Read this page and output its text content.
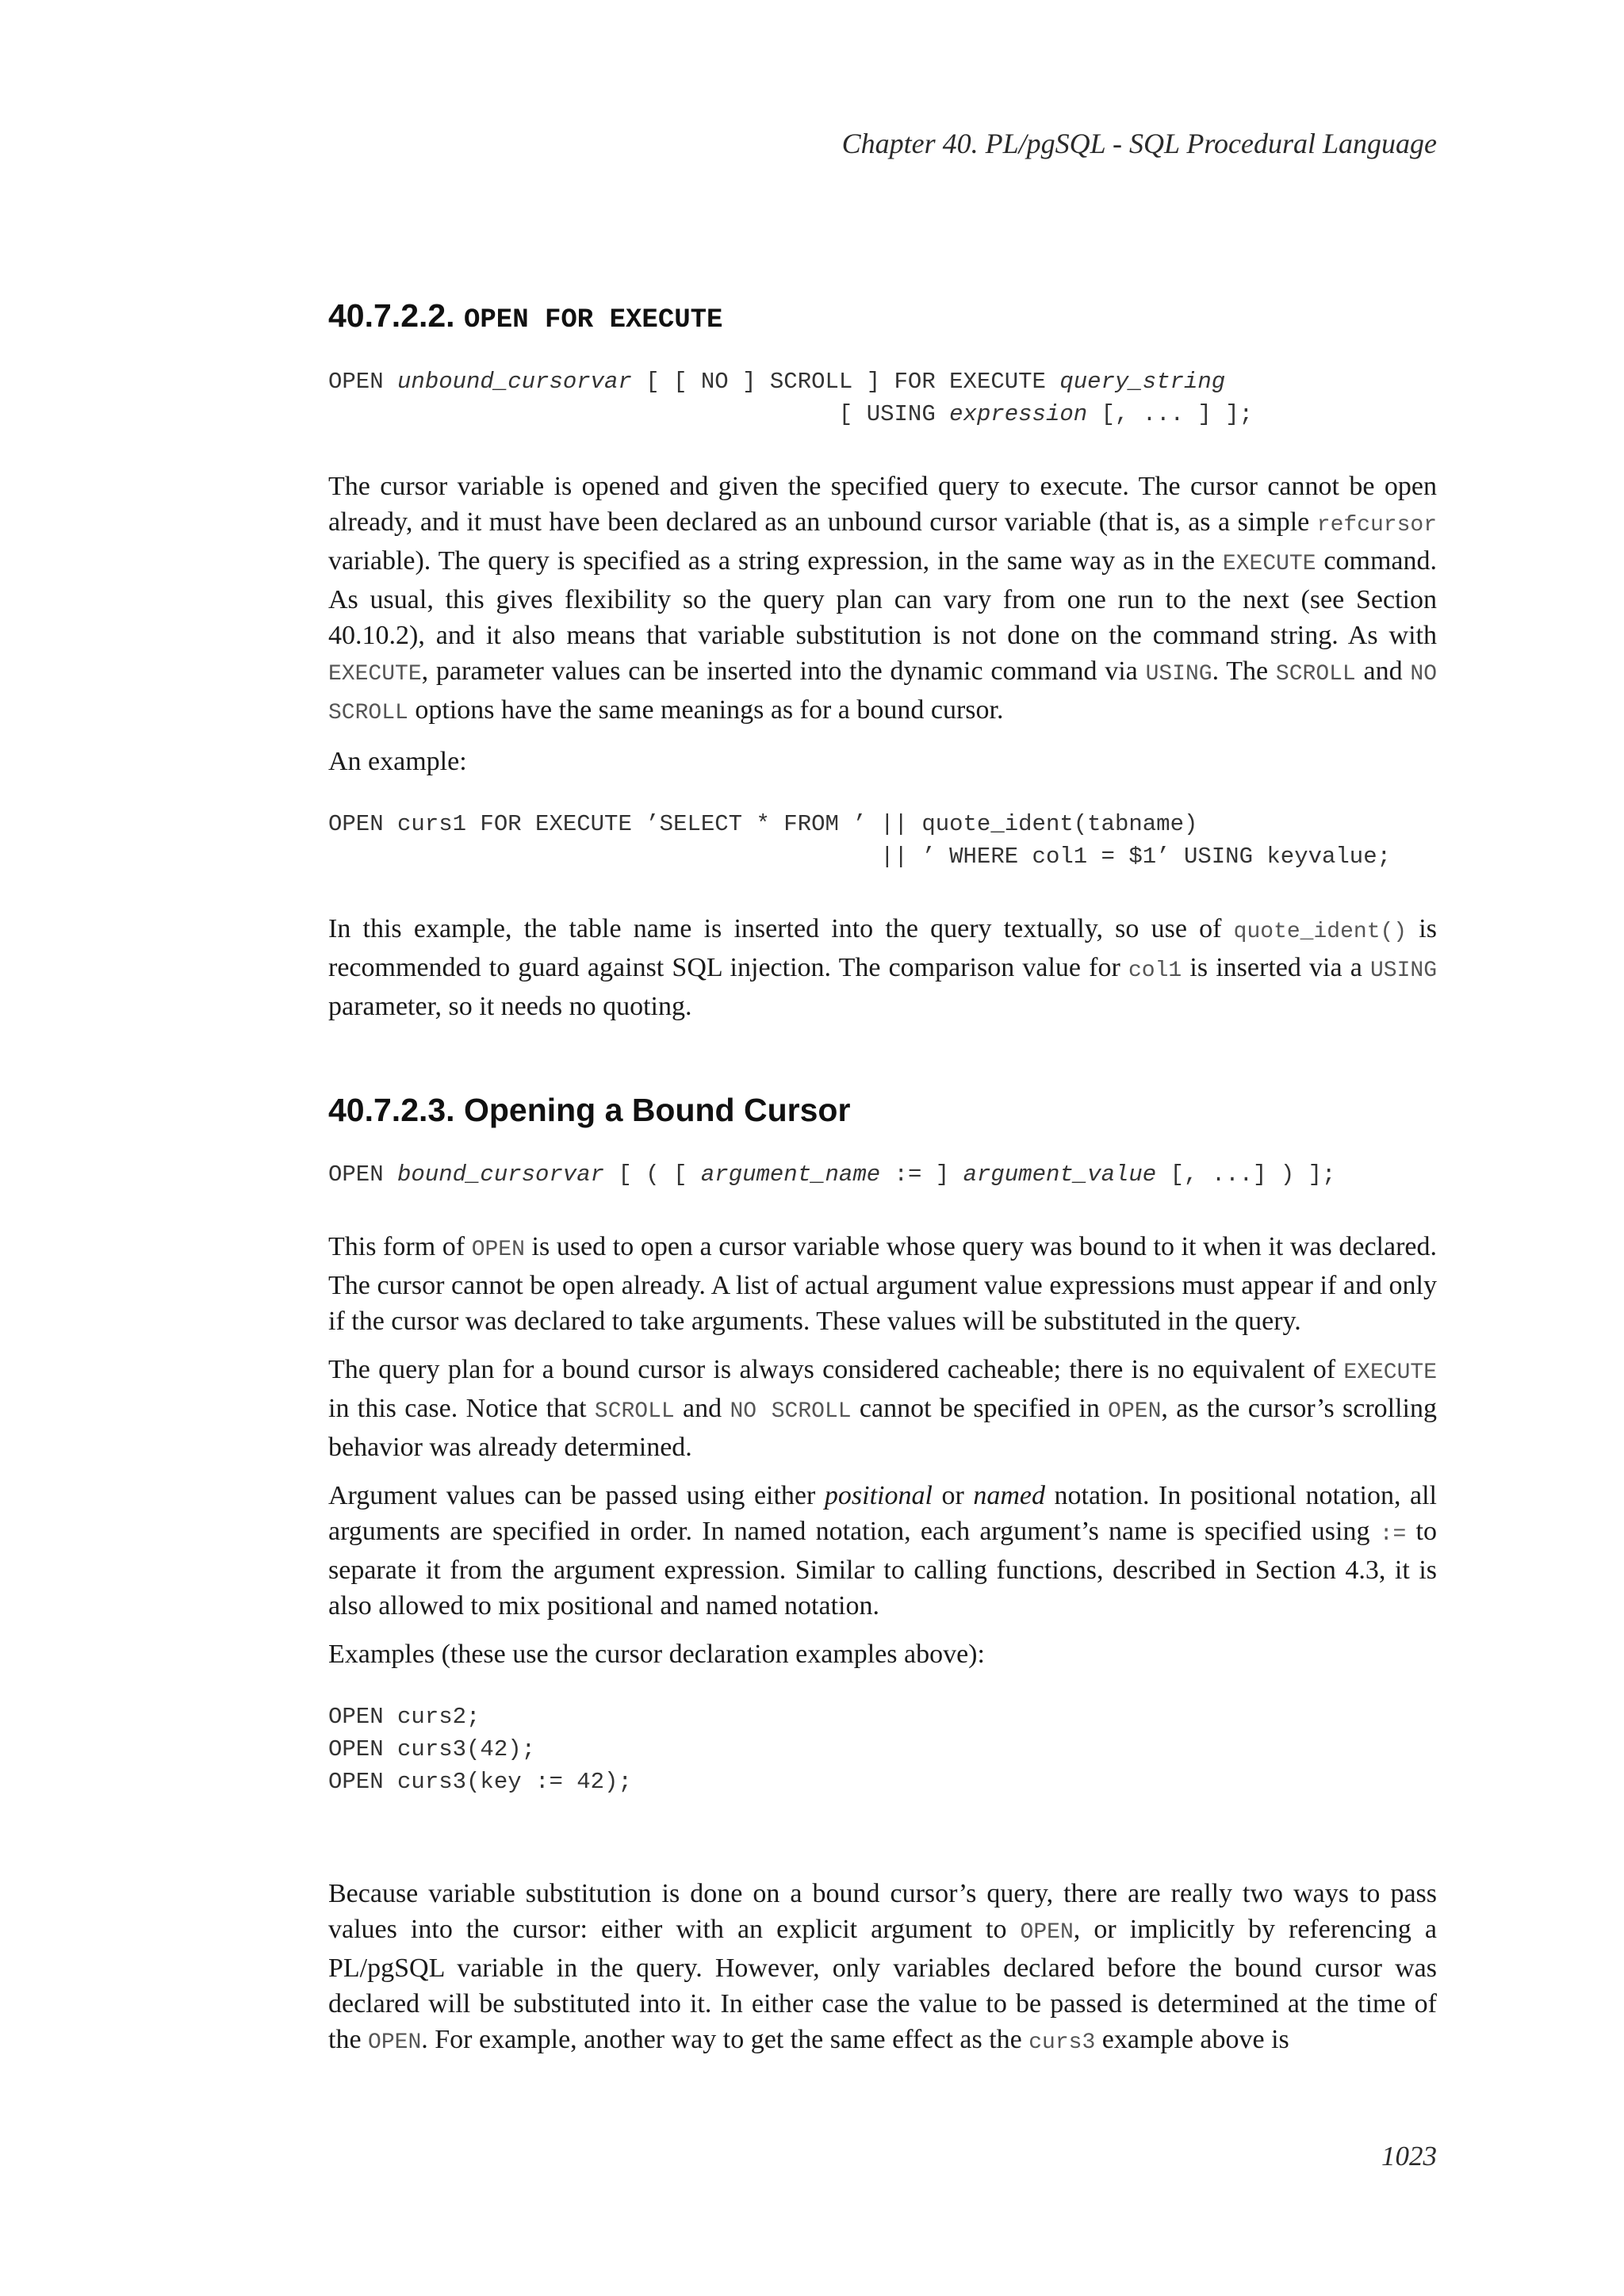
Chapter 40. PL/pgSQL - SQL Procedural Language
40.7.2.2. OPEN FOR EXECUTE
OPEN unbound_cursorvar [ [ NO ] SCROLL ] FOR EXECUTE query_string
[ USING expression [, ... ] ];

The cursor variable is opened and given the specified query to execute. The cursor cannot be open already, and it must have been declared as an unbound cursor variable (that is, as a simple refcursor variable). The query is specified as a string expression, in the same way as in the EXECUTE command. As usual, this gives flexibility so the query plan can vary from one run to the next (see Section 40.10.2), and it also means that variable substitution is not done on the command string. As with EXECUTE, parameter values can be inserted into the dynamic command via USING. The SCROLL and NO SCROLL options have the same meanings as for a bound cursor.

An example:

OPEN curs1 FOR EXECUTE ’SELECT * FROM ’ || quote_ident(tabname)
|| ’ WHERE col1 = $1’ USING keyvalue;

In this example, the table name is inserted into the query textually, so use of quote_ident() is recommended to guard against SQL injection. The comparison value for col1 is inserted via a USING parameter, so it needs no quoting.

40.7.2.3. Opening a Bound Cursor
OPEN bound_cursorvar [ ( [ argument_name := ] argument_value [, ...] ) ];

This form of OPEN is used to open a cursor variable whose query was bound to it when it was declared. The cursor cannot be open already. A list of actual argument value expressions must appear if and only if the cursor was declared to take arguments. These values will be substituted in the query.

The query plan for a bound cursor is always considered cacheable; there is no equivalent of EXECUTE in this case. Notice that SCROLL and NO SCROLL cannot be specified in OPEN, as the cursor’s scrolling behavior was already determined.

Argument values can be passed using either positional or named notation. In positional notation, all arguments are specified in order. In named notation, each argument’s name is specified using := to separate it from the argument expression. Similar to calling functions, described in Section 4.3, it is also allowed to mix positional and named notation.

Examples (these use the cursor declaration examples above):

OPEN curs2;
OPEN curs3(42);
OPEN curs3(key := 42);

Because variable substitution is done on a bound cursor’s query, there are really two ways to pass values into the cursor: either with an explicit argument to OPEN, or implicitly by referencing a PL/pgSQL variable in the query. However, only variables declared before the bound cursor was declared will be substituted into it. In either case the value to be passed is determined at the time of the OPEN. For example, another way to get the same effect as the curs3 example above is

1023
